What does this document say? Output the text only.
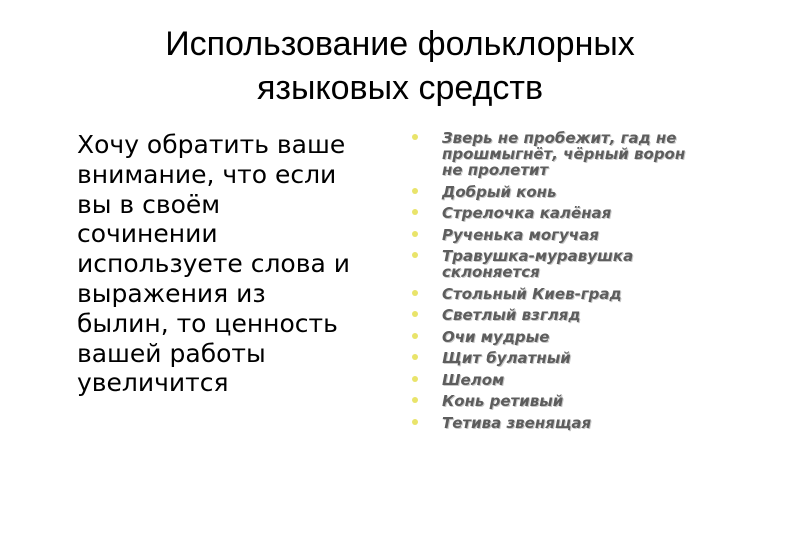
Использование фольклорных
языковых средств
Хочу обратить ваше
внимание, что если
вы в своём
сочинении
используете слова и
выражения из
былин, то ценность
вашей работы
увеличится
Зверь не пробежит, гад не
прошмыгнёт, чёрный ворон
не пролетит
Добрый конь
Стрелочка калёная
Рученька могучая
Травушка-муравушка
склоняется
Стольный Киев-град
Светлый взгляд
Очи мудрые
Щит булатный
Шелом
Конь ретивый
Тетива звенящая
